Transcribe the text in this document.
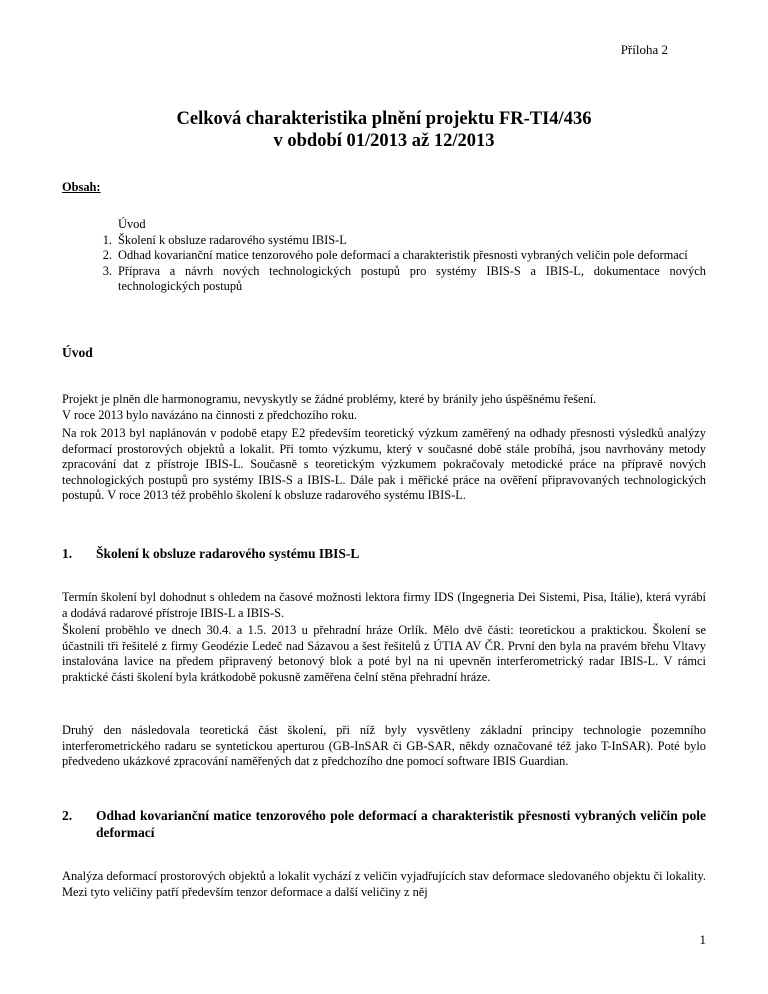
Příloha 2
Celková charakteristika plnění projektu FR-TI4/436
v období 01/2013 až 12/2013
Obsah:
Úvod
1. Školení k obsluze radarového systému IBIS-L
2. Odhad kovarianční matice tenzorového pole deformací a charakteristik přesnosti vybraných veličin pole deformací
3. Příprava a návrh nových technologických postupů pro systémy IBIS-S a IBIS-L, dokumentace nových technologických postupů
Úvod
Projekt je plněn dle harmonogramu, nevyskytly se žádné problémy, které by bránily jeho úspěšnému řešení.
V roce 2013 bylo navázáno na činnosti z předchozího roku.
Na rok 2013 byl naplánován v podobě etapy E2 především teoretický výzkum zaměřený na odhady přesnosti výsledků analýzy deformací prostorových objektů a lokalit. Při tomto výzkumu, který v současné době stále probíhá, jsou navrhovány metody zpracování dat z přístroje IBIS-L. Současně s teoretickým výzkumem pokračovaly metodické práce na přípravě nových technologických postupů pro systémy IBIS-S a IBIS-L. Dále pak i měřické práce na ověření připravovaných technologických postupů. V roce 2013 též proběhlo školení k obsluze radarového systému IBIS-L.
1.	Školení k obsluze radarového systému IBIS-L
Termín školení byl dohodnut s ohledem na časové možnosti lektora firmy IDS (Ingegneria Dei Sistemi, Pisa, Itálie), která vyrábí a dodává radarové přístroje IBIS-L a IBIS-S.
Školení proběhlo ve dnech 30.4. a 1.5. 2013 u přehradní hráze Orlík. Mělo dvě části: teoretickou a praktickou. Školení se účastnili tři řešitelé z firmy Geodézie Ledeč nad Sázavou a šest řešitelů z ÚTIA AV ČR. První den byla na pravém břehu Vltavy instalována lavice na předem připravený betonový blok a poté byl na ni upevněn interferometrický radar IBIS-L. V rámci praktické části školení byla krátkodobě pokusně zaměřena čelní stěna přehradní hráze.
Druhý den následovala teoretická část školení, při níž byly vysvětleny základní principy technologie pozemního interferometrického radaru se syntetickou aperturou (GB-InSAR či GB-SAR, někdy označované též jako T-InSAR). Poté bylo předvedeno ukázkové zpracování naměřených dat z předchozího dne pomocí software IBIS Guardian.
2.	Odhad kovarianční matice tenzorového pole deformací a charakteristik přesnosti vybraných veličin pole deformací
Analýza deformací prostorových objektů a lokalit vychází z veličin vyjadřujících stav deformace sledovaného objektu či lokality. Mezi tyto veličiny patří především tenzor deformace a další veličiny z něj
1
